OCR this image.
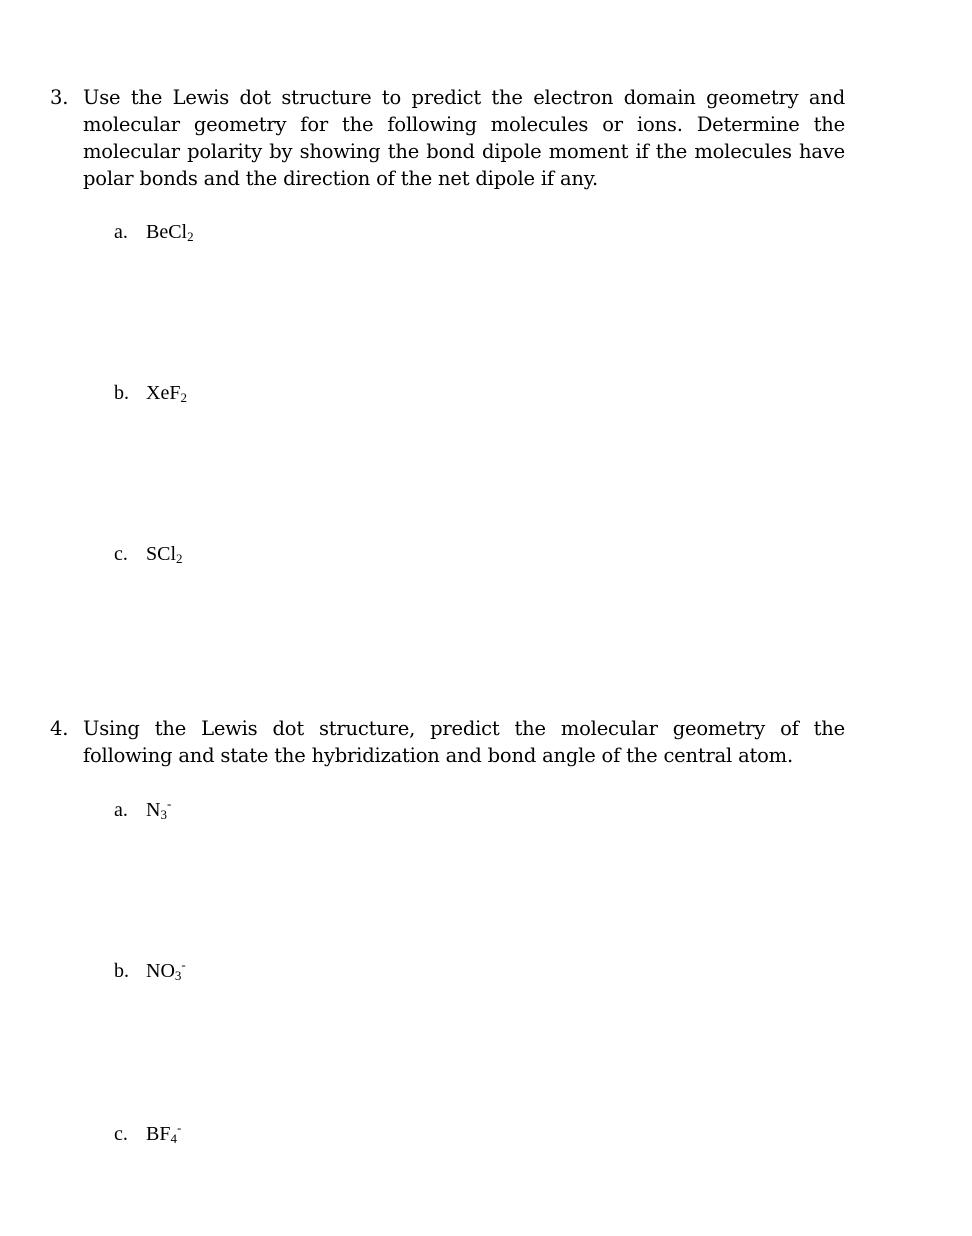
3. Use the Lewis dot structure to predict the electron domain geometry and molecular geometry for the following molecules or ions. Determine the molecular polarity by showing the bond dipole moment if the molecules have polar bonds and the direction of the net dipole if any.
a. BeCl$_2$
b. XeF$_2$
c. SCl$_2$
4. Using the Lewis dot structure, predict the molecular geometry of the following and state the hybridization and bond angle of the central atom.
a. $N_3^-$
b. $NO_3^-$
c. $BF_4^-$
